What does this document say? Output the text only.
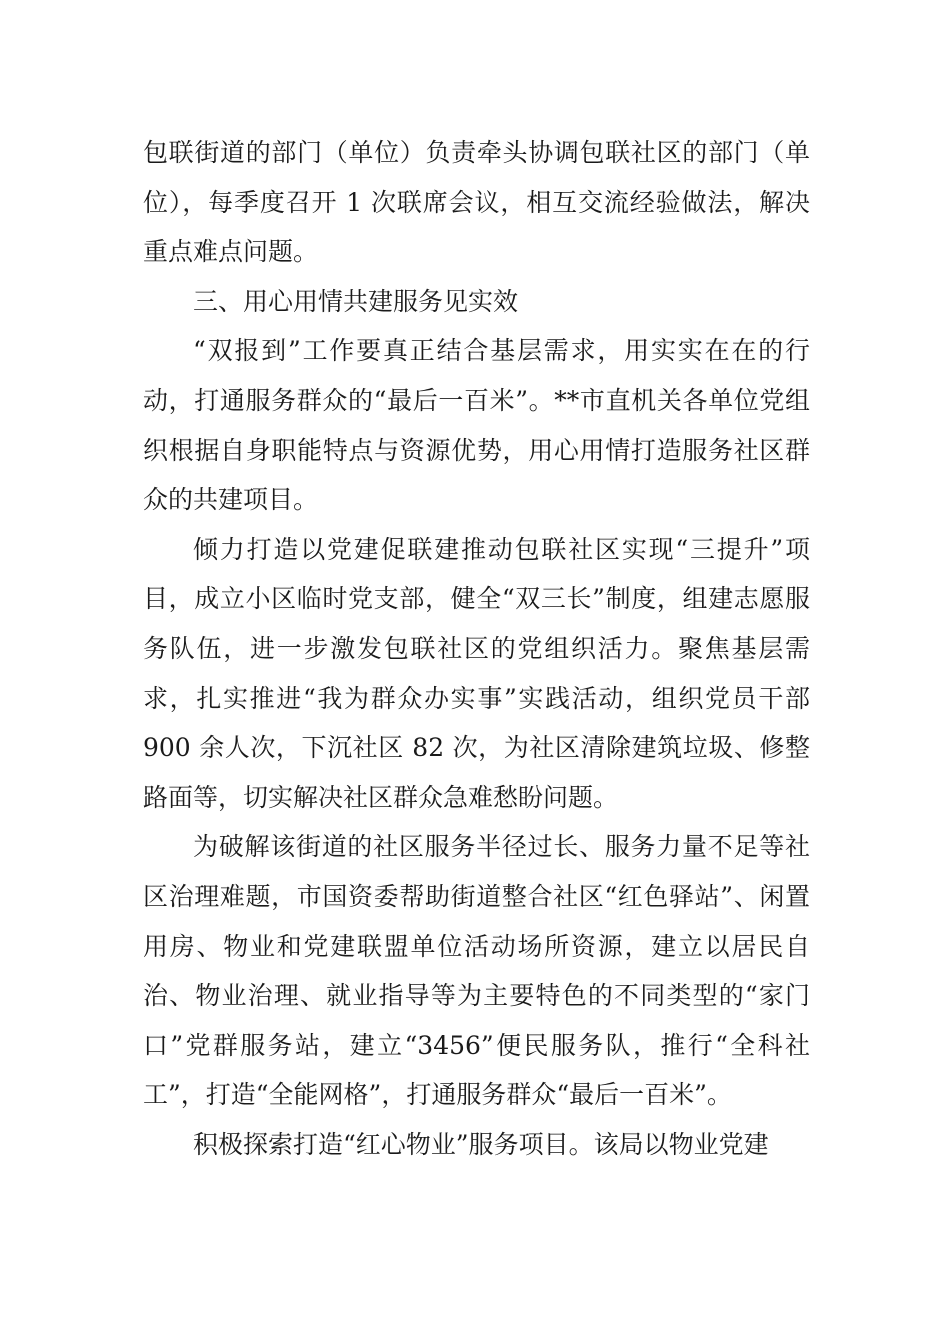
包联街道的部门（单位）负责牵头协调包联社区的部门（单位），每季度召开 1 次联席会议，相互交流经验做法，解决重点难点问题。

三、用心用情共建服务见实效

“双报到”工作要真正结合基层需求，用实实在在的行动，打通服务群众的“最后一百米”。**市直机关各单位党组织根据自身职能特点与资源优势，用心用情打造服务社区群众的共建项目。

倾力打造以党建促联建推动包联社区实现“三提升”项目，成立小区临时党支部，健全“双三长”制度，组建志愿服务队伍，进一步激发包联社区的党组织活力。聚焦基层需求，扎实推进“我为群众办实事”实践活动，组织党员干部 900 余人次，下沉社区 82 次，为社区清除建筑垃圾、修整路面等，切实解决社区群众急难愁盼问题。

为破解该街道的社区服务半径过长、服务力量不足等社区治理难题，市国资委帮助街道整合社区“红色驿站”、闲置用房、物业和党建联盟单位活动场所资源，建立以居民自治、物业治理、就业指导等为主要特色的不同类型的“家门口”党群服务站，建立“3456”便民服务队，推行“全科社工”，打造“全能网格”，打通服务群众“最后一百米”。

积极探索打造“红心物业”服务项目。该局以物业党建
